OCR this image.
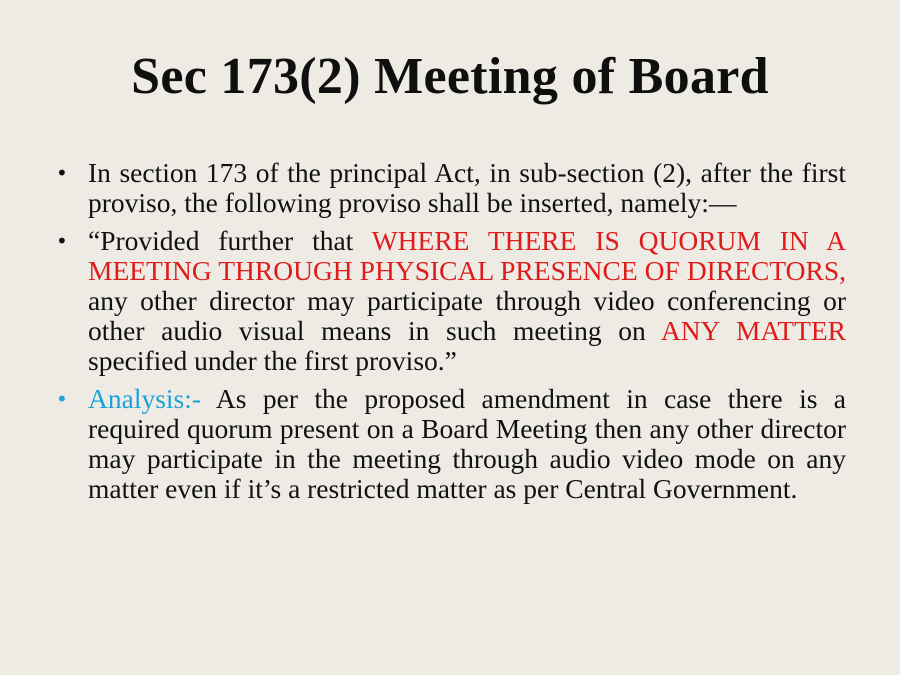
Sec 173(2) Meeting of Board
• In section 173 of the principal Act, in sub-section (2), after the first proviso, the following proviso shall be inserted, namely:—
• “Provided further that WHERE THERE IS QUORUM IN A MEETING THROUGH PHYSICAL PRESENCE OF DIRECTORS, any other director may participate through video conferencing or other audio visual means in such meeting on ANY MATTER specified under the first proviso.”
• Analysis:- As per the proposed amendment in case there is a required quorum present on a Board Meeting then any other director may participate in the meeting through audio video mode on any matter even if it’s a restricted matter as per Central Government.
